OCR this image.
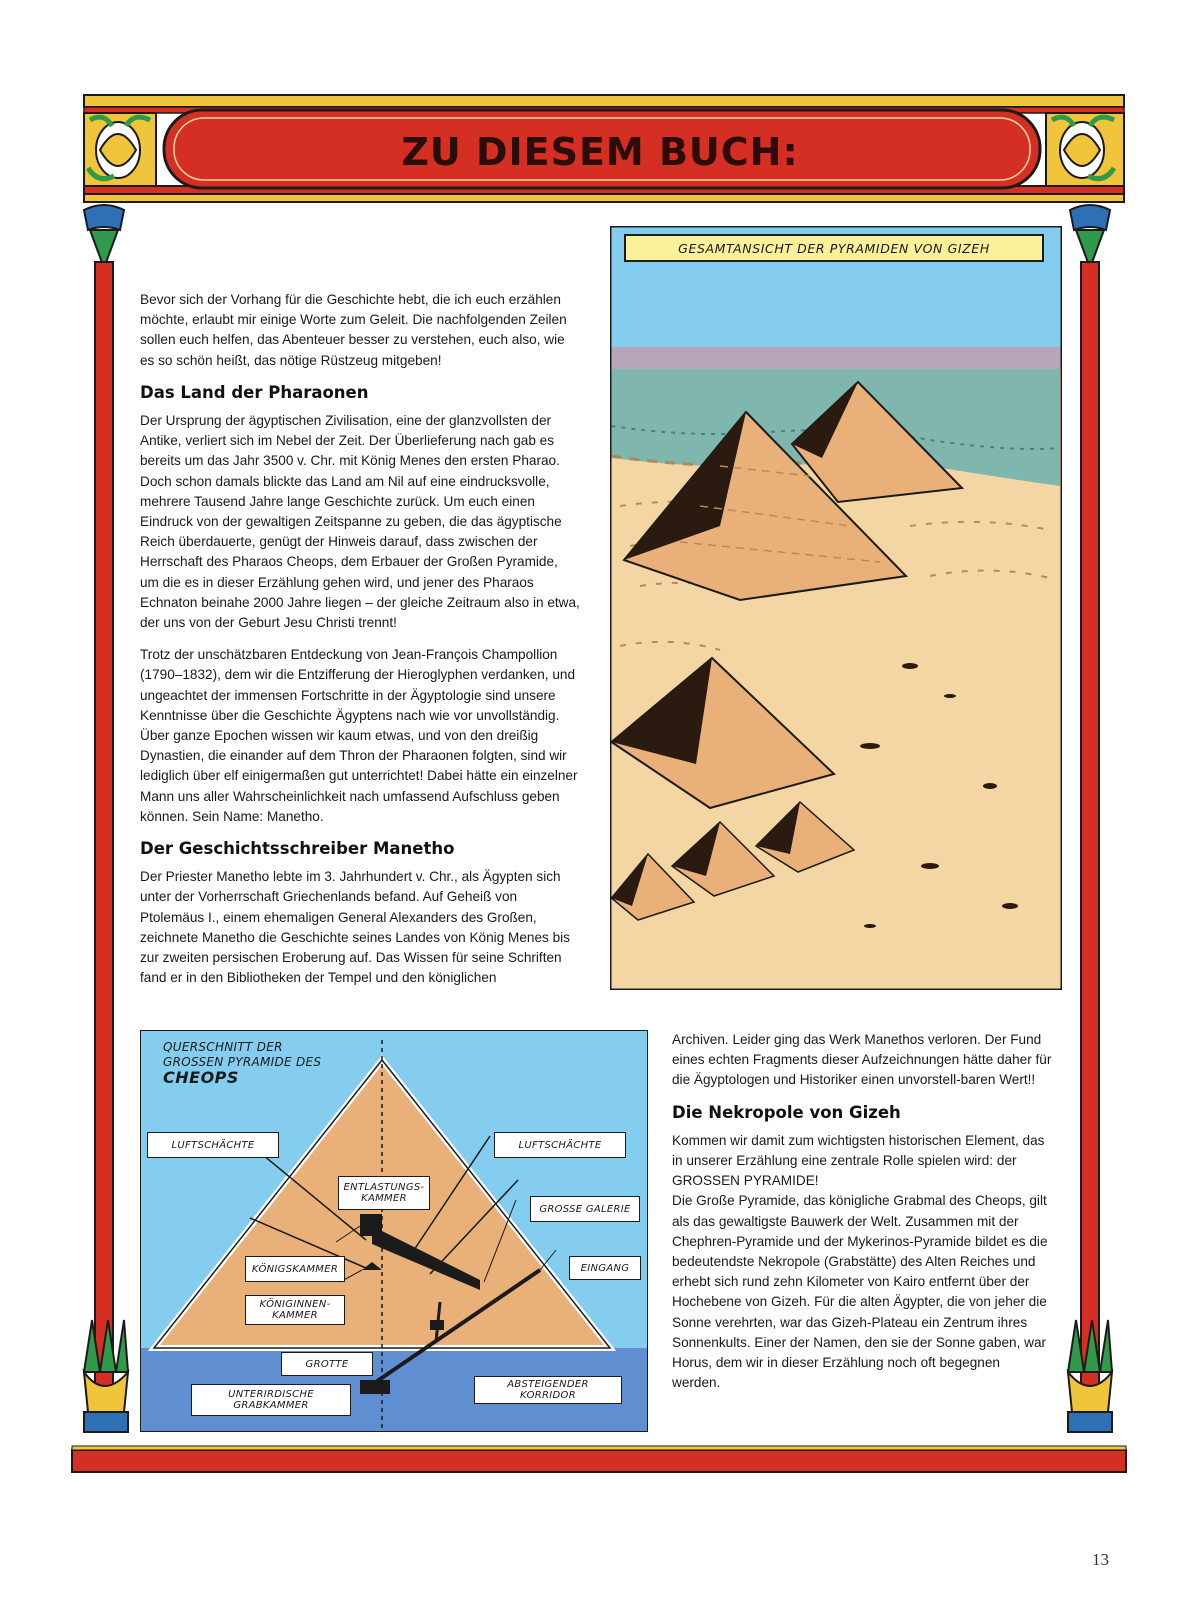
ZU DIESEM BUCH:

Bevor sich der Vorhang für die Geschichte hebt, die ich euch erzählen möchte, erlaubt mir einige Worte zum Geleit. Die nachfolgenden Zeilen sollen euch helfen, das Abenteuer besser zu verstehen, euch also, wie es so schön heißt, das nötige Rüstzeug mitgeben!

Das Land der Pharaonen

Der Ursprung der ägyptischen Zivilisation, eine der glanzvollsten der Antike, verliert sich im Nebel der Zeit. Der Überlieferung nach gab es bereits um das Jahr 3500 v. Chr. mit König Menes den ersten Pharao. Doch schon damals blickte das Land am Nil auf eine eindrucksvolle, mehrere Tausend Jahre lange Geschichte zurück. Um euch einen Eindruck von der gewaltigen Zeitspanne zu geben, die das ägyptische Reich überdauerte, genügt der Hinweis darauf, dass zwischen der Herrschaft des Pharaos Cheops, dem Erbauer der Großen Pyramide, um die es in dieser Erzählung gehen wird, und jener des Pharaos Echnaton beinahe 2000 Jahre liegen – der gleiche Zeitraum also in etwa, der uns von der Geburt Jesu Christi trennt!

Trotz der unschätzbaren Entdeckung von Jean-François Champollion (1790–1832), dem wir die Entzifferung der Hieroglyphen verdanken, und ungeachtet der immensen Fortschritte in der Ägyptologie sind unsere Kenntnisse über die Geschichte Ägyptens nach wie vor unvollständig. Über ganze Epochen wissen wir kaum etwas, und von den dreißig Dynastien, die einander auf dem Thron der Pharaonen folgten, sind wir lediglich über elf einigermaßen gut unterrichtet! Dabei hätte ein einzelner Mann uns aller Wahrscheinlichkeit nach umfassend Aufschluss geben können. Sein Name: Manetho.

Der Geschichtsschreiber Manetho

Der Priester Manetho lebte im 3. Jahrhundert v. Chr., als Ägypten sich unter der Vorherrschaft Griechenlands befand. Auf Geheiß von Ptolemäus I., einem ehemaligen General Alexanders des Großen, zeichnete Manetho die Geschichte seines Landes von König Menes bis zur zweiten persischen Eroberung auf. Das Wissen für seine Schriften fand er in den Bibliotheken der Tempel und den königlichen

GESAMTANSICHT DER PYRAMIDEN VON GIZEH
QUERSCHNITT DER
GROSSEN PYRAMIDE DES
CHEOPS
LUFTSCHÄCHTE	LUFTSCHÄCHTE
ENTLASTUNGS-KAMMER
GROSSE GALERIE
EINGANG
KÖNIGSKAMMER
KÖNIGINNEN-KAMMER
GROTTE
UNTERIRDISCHE GRABKAMMER
ABSTEIGENDER KORRIDOR

Archiven. Leider ging das Werk Manethos verloren. Der Fund eines echten Fragments dieser Aufzeichnungen hätte daher für die Ägyptologen und Historiker einen unvorstell-baren Wert!!

Die Nekropole von Gizeh

Kommen wir damit zum wichtigsten historischen Element, das in unserer Erzählung eine zentrale Rolle spielen wird: der GROSSEN PYRAMIDE!

Die Große Pyramide, das königliche Grabmal des Cheops, gilt als das gewaltigste Bauwerk der Welt. Zusammen mit der Chephren-Pyramide und der Mykerinos-Pyramide bildet es die bedeutendste Nekropole (Grabstätte) des Alten Reiches und erhebt sich rund zehn Kilometer von Kairo entfernt über der Hochebene von Gizeh. Für die alten Ägypter, die von jeher die Sonne verehrten, war das Gizeh-Plateau ein Zentrum ihres Sonnenkults. Einer der Namen, den sie der Sonne gaben, war Horus, dem wir in dieser Erzählung noch oft begegnen werden.

13
